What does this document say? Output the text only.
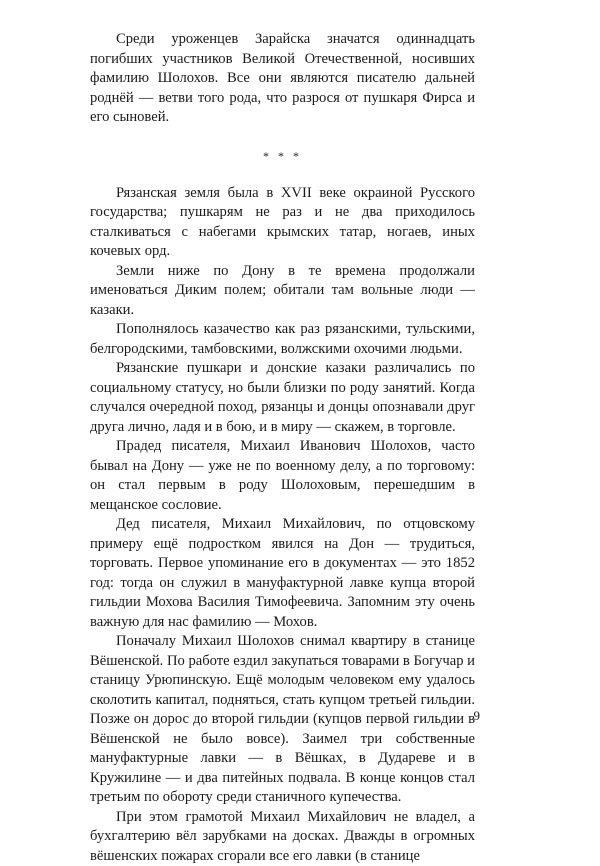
Среди уроженцев Зарайска значатся одиннадцать погибших участников Великой Отечественной, носивших фамилию Шолохов. Все они являются писателю дальней роднёй — ветви того рода, что разрося от пушкаря Фирса и его сыновей.

* * *

Рязанская земля была в XVII веке окраиной Русского государства; пушкарям не раз и не два приходилось сталкиваться с набегами крымских татар, ногаев, иных кочевых орд.

Земли ниже по Дону в те времена продолжали именоваться Диким полем; обитали там вольные люди — казаки.

Пополнялось казачество как раз рязанскими, тульскими, белгородскими, тамбовскими, волжскими охочими людьми.

Рязанские пушкари и донские казаки различались по социальному статусу, но были близки по роду занятий. Когда случался очередной поход, рязанцы и донцы опознавали друг друга лично, ладя и в бою, и в миру — скажем, в торговле.

Прадед писателя, Михаил Иванович Шолохов, часто бывал на Дону — уже не по военному делу, а по торговому: он стал первым в роду Шолоховым, перешедшим в мещанское сословие.

Дед писателя, Михаил Михайлович, по отцовскому примеру ещё подростком явился на Дон — трудиться, торговать. Первое упоминание его в документах — это 1852 год: тогда он служил в мануфактурной лавке купца второй гильдии Мохова Василия Тимофеевича. Запомним эту очень важную для нас фамилию — Мохов.

Поначалу Михаил Шолохов снимал квартиру в станице Вёшенской. По работе ездил закупаться товарами в Богучар и станицу Урюпинскую. Ещё молодым человеком ему удалось сколотить капитал, подняться, стать купцом третьей гильдии. Позже он дорос до второй гильдии (купцов первой гильдии в Вёшенской не было вовсе). Заимел три собственные мануфактурные лавки — в Вёшках, в Дудареве и в Кружилине — и два питейных подвала. В конце концов стал третьим по обороту среди станичного купечества.

При этом грамотой Михаил Михайлович не владел, а бухгалтерию вёл зарубками на досках. Дважды в огромных вёшенских пожарах сгорали все его лавки (в станице

9
